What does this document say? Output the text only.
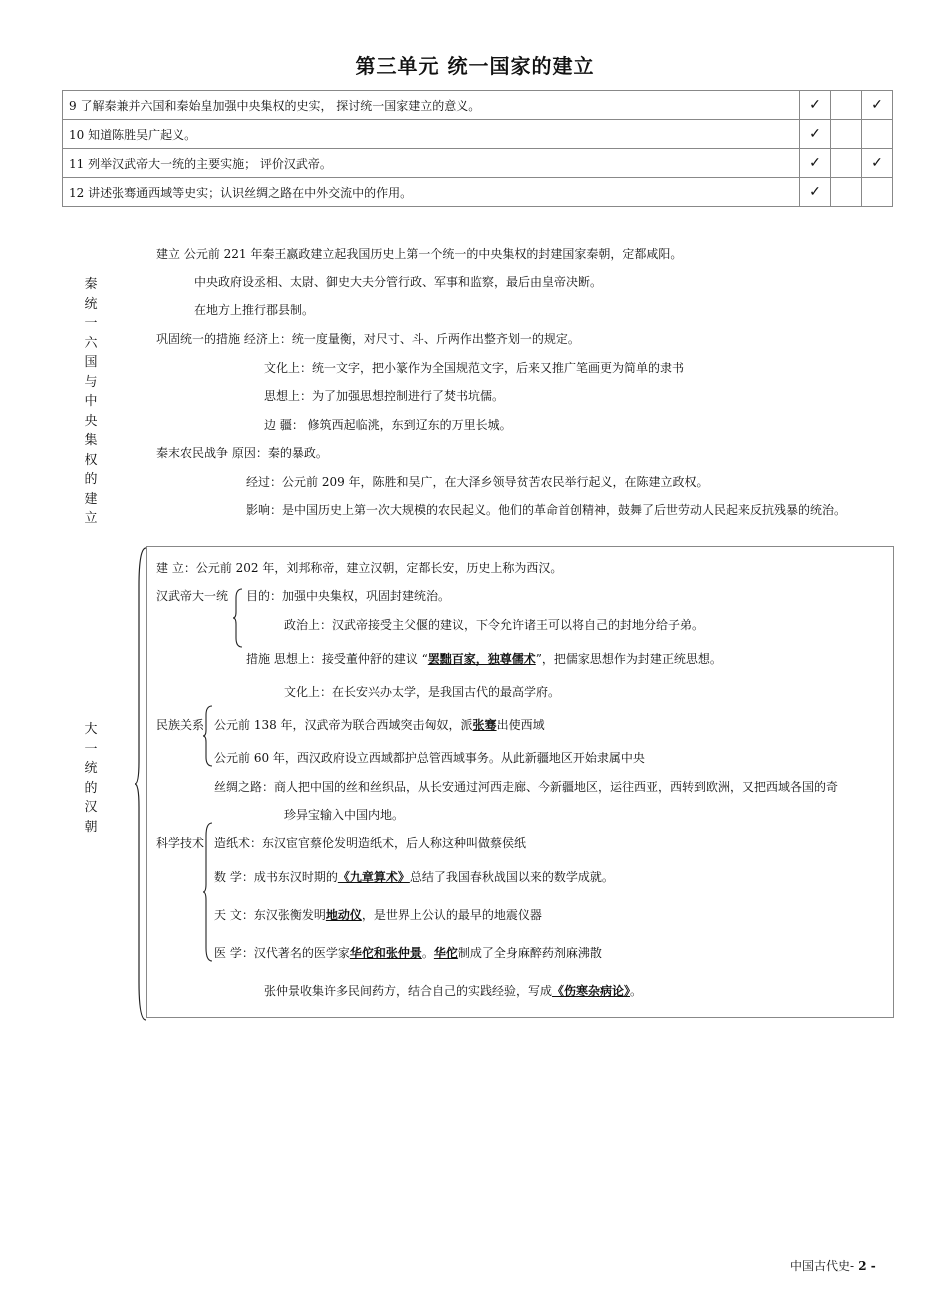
第三单元 统一国家的建立
9 了解秦兼并六国和秦始皇加强中央集权的史实， 探讨统一国家建立的意义。	✓		✓
10 知道陈胜吴广起义。	✓		
11 列举汉武帝大一统的主要实施； 评价汉武帝。	✓		✓
12 讲述张骞通西域等史实；认识丝绸之路在中外交流中的作用。	✓		
秦统一六国与中央集权的建立
建立 公元前 221 年秦王嬴政建立起我国历史上第一个统一的中央集权的封建国家秦朝，定都咸阳。
中央政府设丞相、太尉、御史大夫分管行政、军事和监察，最后由皇帝决断。
在地方上推行郡县制。
巩固统一的措施 经济上：统一度量衡，对尺寸、斗、斤两作出整齐划一的规定。
文化上：统一文字，把小篆作为全国规范文字，后来又推广笔画更为简单的隶书
思想上：为了加强思想控制进行了焚书坑儒。
边 疆： 修筑西起临洮，东到辽东的万里长城。
秦末农民战争 原因：秦的暴政。
经过：公元前 209 年，陈胜和吴广，在大泽乡领导贫苦农民举行起义，在陈建立政权。
影响：是中国历史上第一次大规模的农民起义。他们的革命首创精神，鼓舞了后世劳动人民起来反抗残暴的统治。
大一统的汉朝
建 立：公元前 202 年，刘邦称帝，建立汉朝，定都长安，历史上称为西汉。
汉武帝大一统 目的：加强中央集权，巩固封建统治。
政治上：汉武帝接受主父偃的建议，下令允许诸王可以将自己的封地分给子弟。
措施 思想上：接受董仲舒的建议 “罢黜百家，独尊儒术”，把儒家思想作为封建正统思想。
文化上：在长安兴办太学，是我国古代的最高学府。
民族关系 公元前 138 年，汉武帝为联合西域突击匈奴，派张骞出使西域
公元前 60 年，西汉政府设立西域都护总管西域事务。从此新疆地区开始隶属中央
丝绸之路：商人把中国的丝和丝织品，从长安通过河西走廊、今新疆地区，运往西亚，西转到欧洲，又把西域各国的奇
珍异宝输入中国内地。
科学技术 造纸术：东汉宦官蔡伦发明造纸术，后人称这种叫做蔡侯纸
数 学：成书东汉时期的《九章算术》总结了我国春秋战国以来的数学成就。
天 文：东汉张衡发明地动仪，是世界上公认的最早的地震仪器
医 学：汉代著名的医学家华佗和张仲景。华佗制成了全身麻醉药剂麻沸散
张仲景收集许多民间药方，结合自己的实践经验，写成《伤寒杂病论》。
中国古代史- 2 -
